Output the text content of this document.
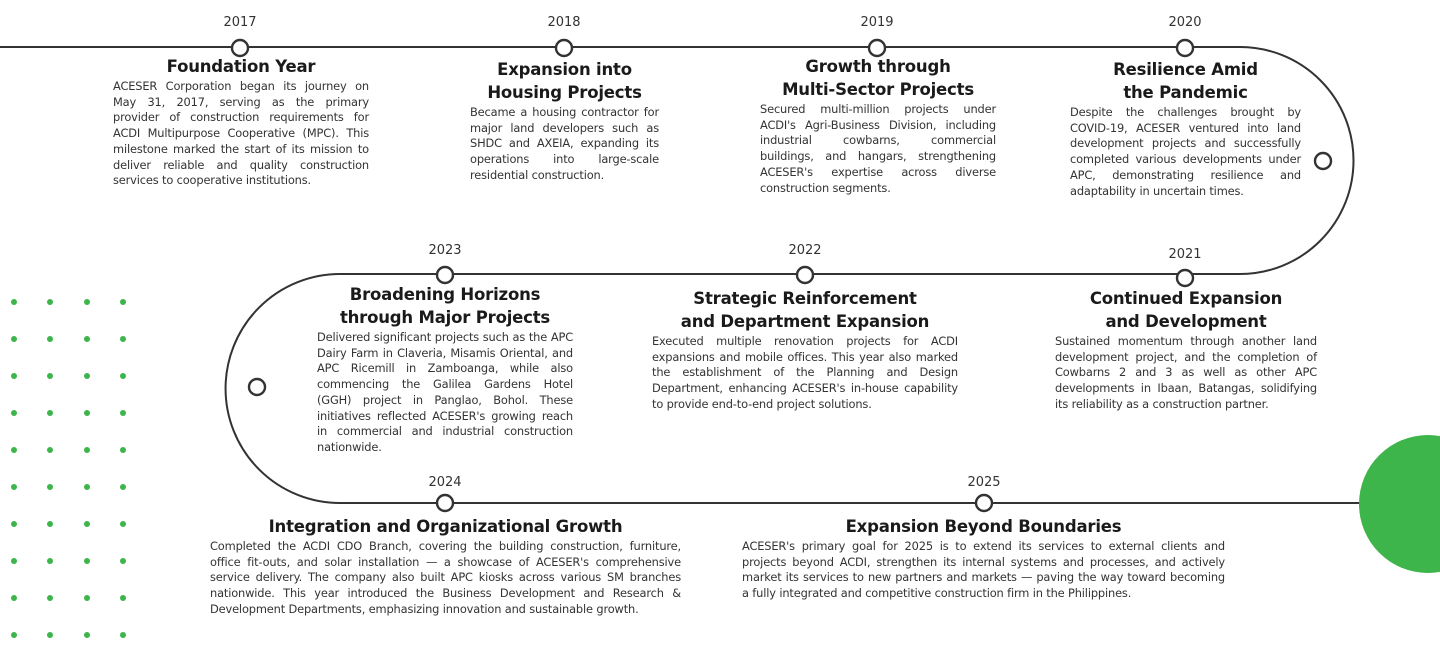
2017	2018	2019	2020
2021
2022
2023
2024	2025
Foundation Year

ACESER Corporation began its journey on May 31, 2017, serving as the primary provider of construction requirements for ACDI Multipurpose Cooperative (MPC). This milestone marked the start of its mission to deliver reliable and quality construction services to cooperative institutions.

Expansion into
Housing Projects

Became a housing contractor for major land developers such as SHDC and AXEIA, expanding its operations into large-scale residential construction.

Growth through
Multi-Sector Projects

Secured multi-million projects under ACDI's Agri-Business Division, including industrial cowbarns, commercial buildings, and hangars, strengthening ACESER's expertise across diverse construction segments.

Resilience Amid
the Pandemic

Despite the challenges brought by COVID-19, ACESER ventured into land development projects and successfully completed various developments under APC, demonstrating resilience and adaptability in uncertain times.

Continued Expansion
and Development

Sustained momentum through another land development project, and the completion of Cowbarns 2 and 3 as well as other APC developments in Ibaan, Batangas, solidifying its reliability as a construction partner.

Strategic Reinforcement
and Department Expansion

Executed multiple renovation projects for ACDI expansions and mobile offices. This year also marked the establishment of the Planning and Design Department, enhancing ACESER's in-house capability to provide end-to-end project solutions.

Broadening Horizons
through Major Projects

Delivered significant projects such as the APC Dairy Farm in Claveria, Misamis Oriental, and APC Ricemill in Zamboanga, while also commencing the Galilea Gardens Hotel (GGH) project in Panglao, Bohol. These initiatives reflected ACESER's growing reach in commercial and industrial construction nationwide.

Integration and Organizational Growth

Completed the ACDI CDO Branch, covering the building construction, furniture, office fit-outs, and solar installation — a showcase of ACESER's comprehensive service delivery. The company also built APC kiosks across various SM branches nationwide. This year introduced the Business Development and Research & Development Departments, emphasizing innovation and sustainable growth.

Expansion Beyond Boundaries

ACESER's primary goal for 2025 is to extend its services to external clients and projects beyond ACDI, strengthen its internal systems and processes, and actively market its services to new partners and markets — paving the way toward becoming a fully integrated and competitive construction firm in the Philippines.
